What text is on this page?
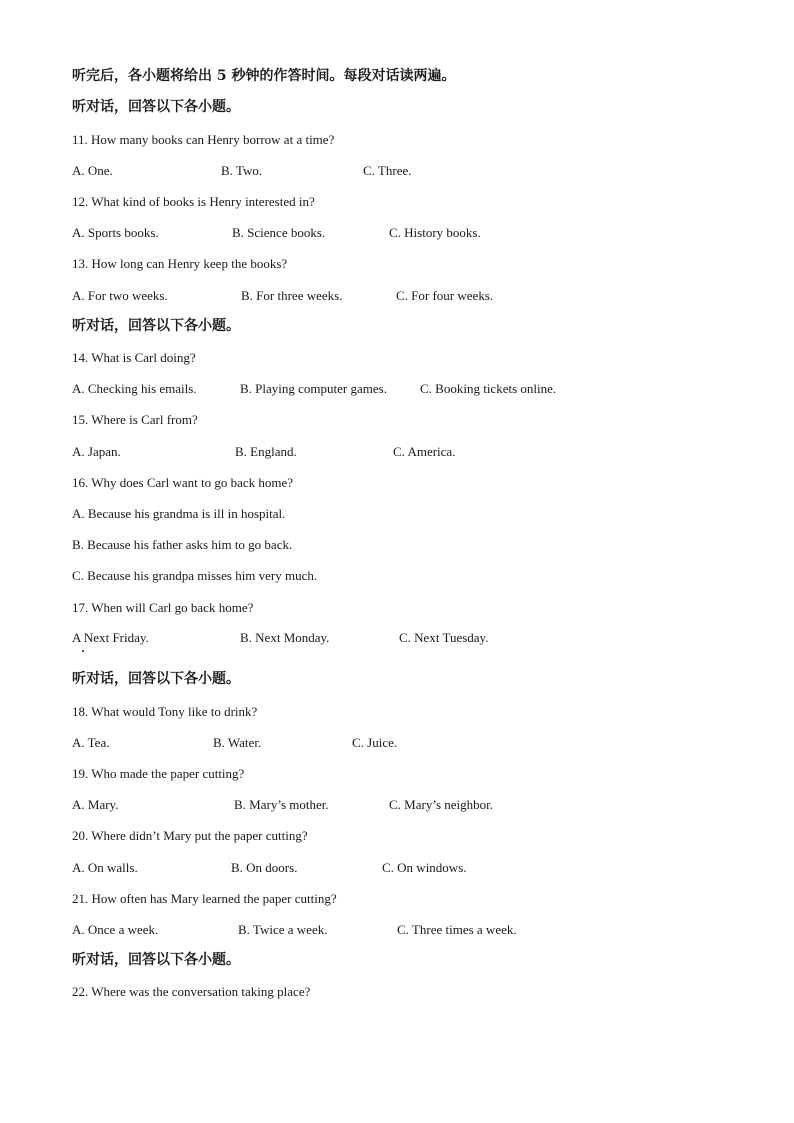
听完后，各小题将给出 5 秒钟的作答时间。每段对话读两遍。
听对话，回答以下各小题。
11. How many books can Henry borrow at a time?
A. One.	B. Two.	C. Three.
12. What kind of books is Henry interested in?
A. Sports books.	B. Science books.	C. History books.
13. How long can Henry keep the books?
A. For two weeks.	B. For three weeks.	C. For four weeks.
听对话，回答以下各小题。
14. What is Carl doing?
A. Checking his emails.	B. Playing computer games.	C. Booking tickets online.
15. Where is Carl from?
A. Japan.	B. England.	C. America.
16. Why does Carl want to go back home?
A. Because his grandma is ill in hospital.
B. Because his father asks him to go back.
C. Because his grandpa misses him very much.
17. When will Carl go back home?
A Next Friday.	B. Next Monday.	C. Next Tuesday.
听对话，回答以下各小题。
18. What would Tony like to drink?
A. Tea.	B. Water.	C. Juice.
19. Who made the paper cutting?
A. Mary.	B. Mary’s mother.	C. Mary’s neighbor.
20. Where didn’t Mary put the paper cutting?
A. On walls.	B. On doors.	C. On windows.
21. How often has Mary learned the paper cutting?
A. Once a week.	B. Twice a week.	C. Three times a week.
听对话，回答以下各小题。
22. Where was the conversation taking place?
